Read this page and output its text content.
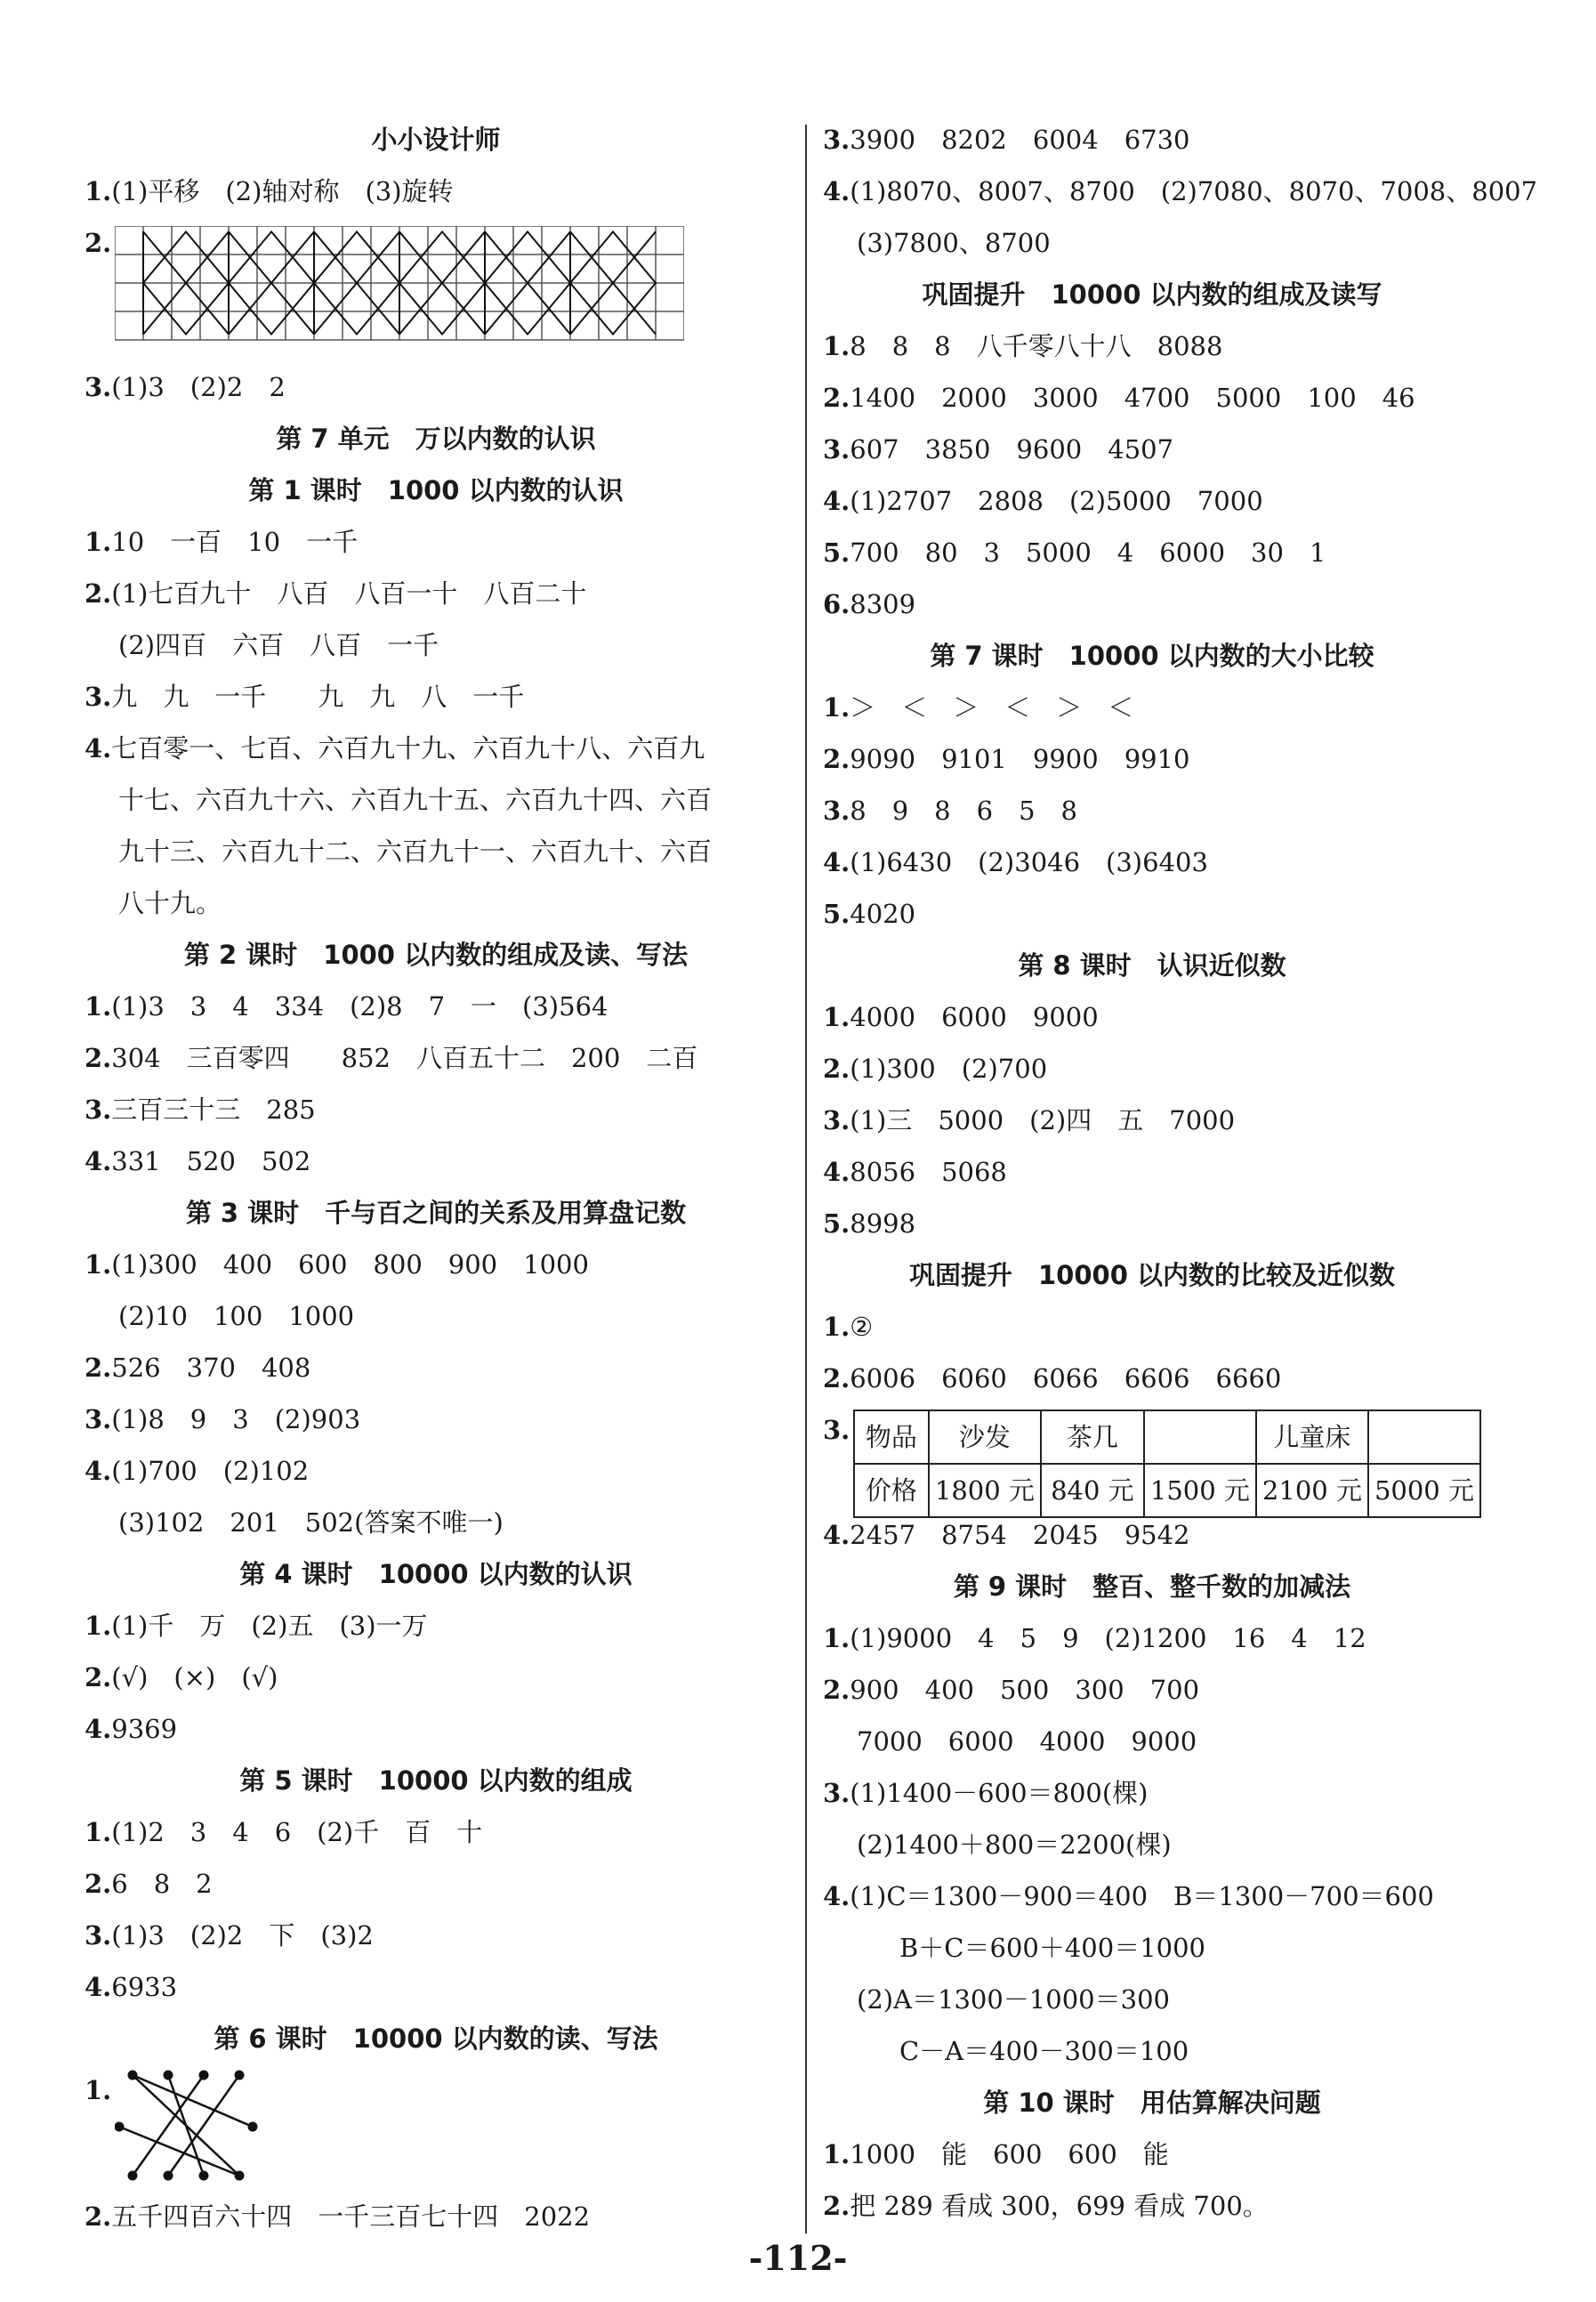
小小设计师
1.(1)平移　(2)轴对称　(3)旋转
2.
3.(1)3　(2)2　2
第 7 单元　万以内数的认识
第 1 课时　1000 以内数的认识
1.10　一百　10　一千
2.(1)七百九十　八百　八百一十　八百二十
(2)四百　六百　八百　一千
3.九　九　一千　　九　九　八　一千
4.七百零一、七百、六百九十九、六百九十八、六百九
十七、六百九十六、六百九十五、六百九十四、六百
九十三、六百九十二、六百九十一、六百九十、六百
八十九。
第 2 课时　1000 以内数的组成及读、写法
1.(1)3　3　4　334　(2)8　7　一　(3)564
2.304　三百零四　　852　八百五十二　200　二百
3.三百三十三　285
4.331　520　502
第 3 课时　千与百之间的关系及用算盘记数
1.(1)300　400　600　800　900　1000
(2)10　100　1000
2.526　370　408
3.(1)8　9　3　(2)903
4.(1)700　(2)102
(3)102　201　502(答案不唯一)
第 4 课时　10000 以内数的认识
1.(1)千　万　(2)五　(3)一万
2.(√)　(×)　(√)
4.9369
第 5 课时　10000 以内数的组成
1.(1)2　3　4　6　(2)千　百　十
2.6　8　2
3.(1)3　(2)2　下　(3)2
4.6933
第 6 课时　10000 以内数的读、写法
1.
2.五千四百六十四　一千三百七十四　2022
3.3900　8202　6004　6730
4.(1)8070、8007、8700　(2)7080、8070、7008、8007
(3)7800、8700
巩固提升　10000 以内数的组成及读写
1.8　8　8　八千零八十八　8088
2.1400　2000　3000　4700　5000　100　46
3.607　3850　9600　4507
4.(1)2707　2808　(2)5000　7000
5.700　80　3　5000　4　6000　30　1
6.8309
第 7 课时　10000 以内数的大小比较
1.＞　＜　＞　＜　＞　＜
2.9090　9101　9900　9910
3.8　9　8　6　5　8
4.(1)6430　(2)3046　(3)6403
5.4020
第 8 课时　认识近似数
1.4000　6000　9000
2.(1)300　(2)700
3.(1)三　5000　(2)四　五　7000
4.8056　5068
5.8998
巩固提升　10000 以内数的比较及近似数
1.②
2.6006　6060　6066　6606　6660
3. 物品	沙发	茶几		儿童床	
价格	1800 元	840 元	1500 元	2100 元	5000 元
4.2457　8754　2045　9542
第 9 课时　整百、整千数的加减法
1.(1)9000　4　5　9　(2)1200　16　4　12
2.900　400　500　300　700
7000　6000　4000　9000
3.(1)1400－600＝800(棵)
(2)1400＋800＝2200(棵)
4.(1)C＝1300－900＝400　B＝1300－700＝600
B＋C＝600＋400＝1000
(2)A＝1300－1000＝300
C－A＝400－300＝100
第 10 课时　用估算解决问题
1.1000　能　600　600　能
2.把 289 看成 300，699 看成 700。
-112-
